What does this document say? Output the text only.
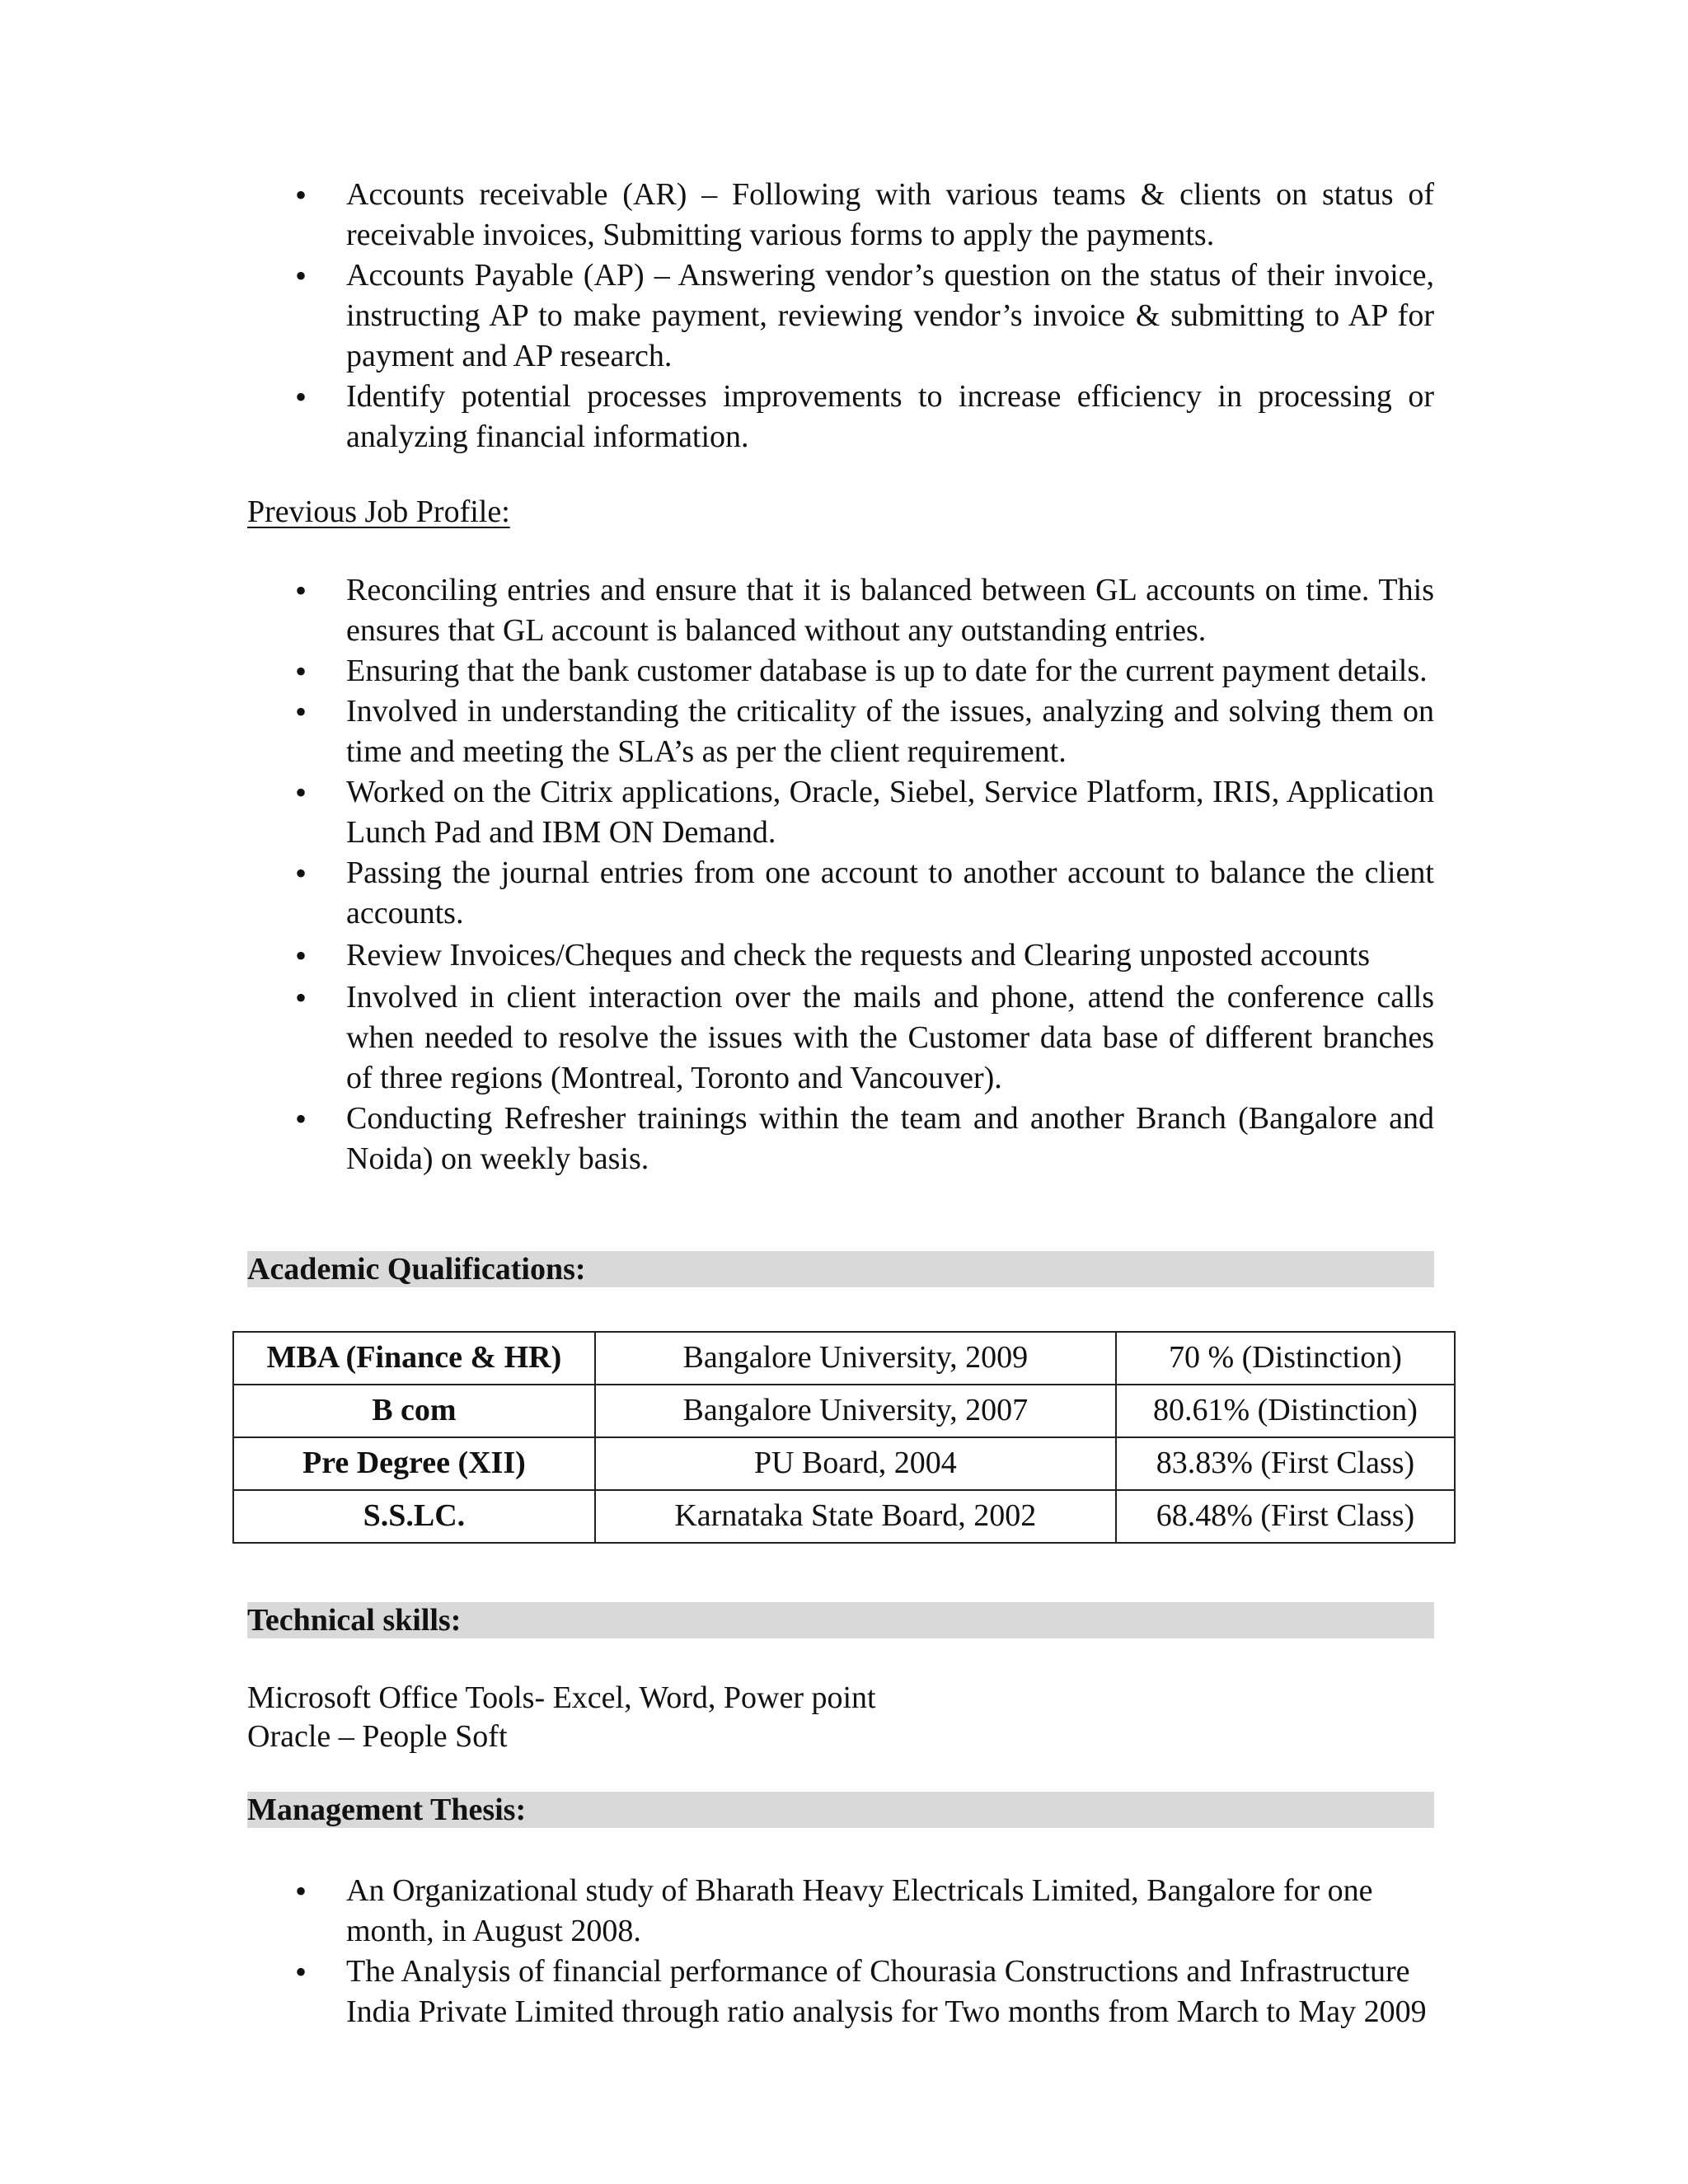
• Accounts receivable (AR) – Following with various teams & clients on status of receivable invoices, Submitting various forms to apply the payments.
• Accounts Payable (AP) – Answering vendor’s question on the status of their invoice, instructing AP to make payment, reviewing vendor’s invoice & submitting to AP for payment and AP research.
• Identify potential processes improvements to increase efficiency in processing or analyzing financial information.
Previous Job Profile:
• Reconciling entries and ensure that it is balanced between GL accounts on time. This ensures that GL account is balanced without any outstanding entries.
• Ensuring that the bank customer database is up to date for the current payment details.
• Involved in understanding the criticality of the issues, analyzing and solving them on time and meeting the SLA’s as per the client requirement.
• Worked on the Citrix applications, Oracle, Siebel, Service Platform, IRIS, Application Lunch Pad and IBM ON Demand.
• Passing the journal entries from one account to another account to balance the client accounts.
• Review Invoices/Cheques and check the requests and Clearing unposted accounts
• Involved in client interaction over the mails and phone, attend the conference calls when needed to resolve the issues with the Customer data base of different branches of three regions (Montreal, Toronto and Vancouver).
• Conducting Refresher trainings within the team and another Branch (Bangalore and Noida) on weekly basis.
Academic Qualifications:
MBA (Finance & HR)	Bangalore University, 2009	70 % (Distinction)
B com	Bangalore University, 2007	80.61% (Distinction)
Pre Degree (XII)	PU Board, 2004	83.83% (First Class)
S.S.LC.	Karnataka State Board, 2002	68.48% (First Class)
Technical skills:
Microsoft Office Tools- Excel, Word, Power point
Oracle – People Soft
Management Thesis:
• An Organizational study of Bharath Heavy Electricals Limited, Bangalore for one month, in August 2008.
• The Analysis of financial performance of Chourasia Constructions and Infrastructure India Private Limited through ratio analysis for Two months from March to May 2009
